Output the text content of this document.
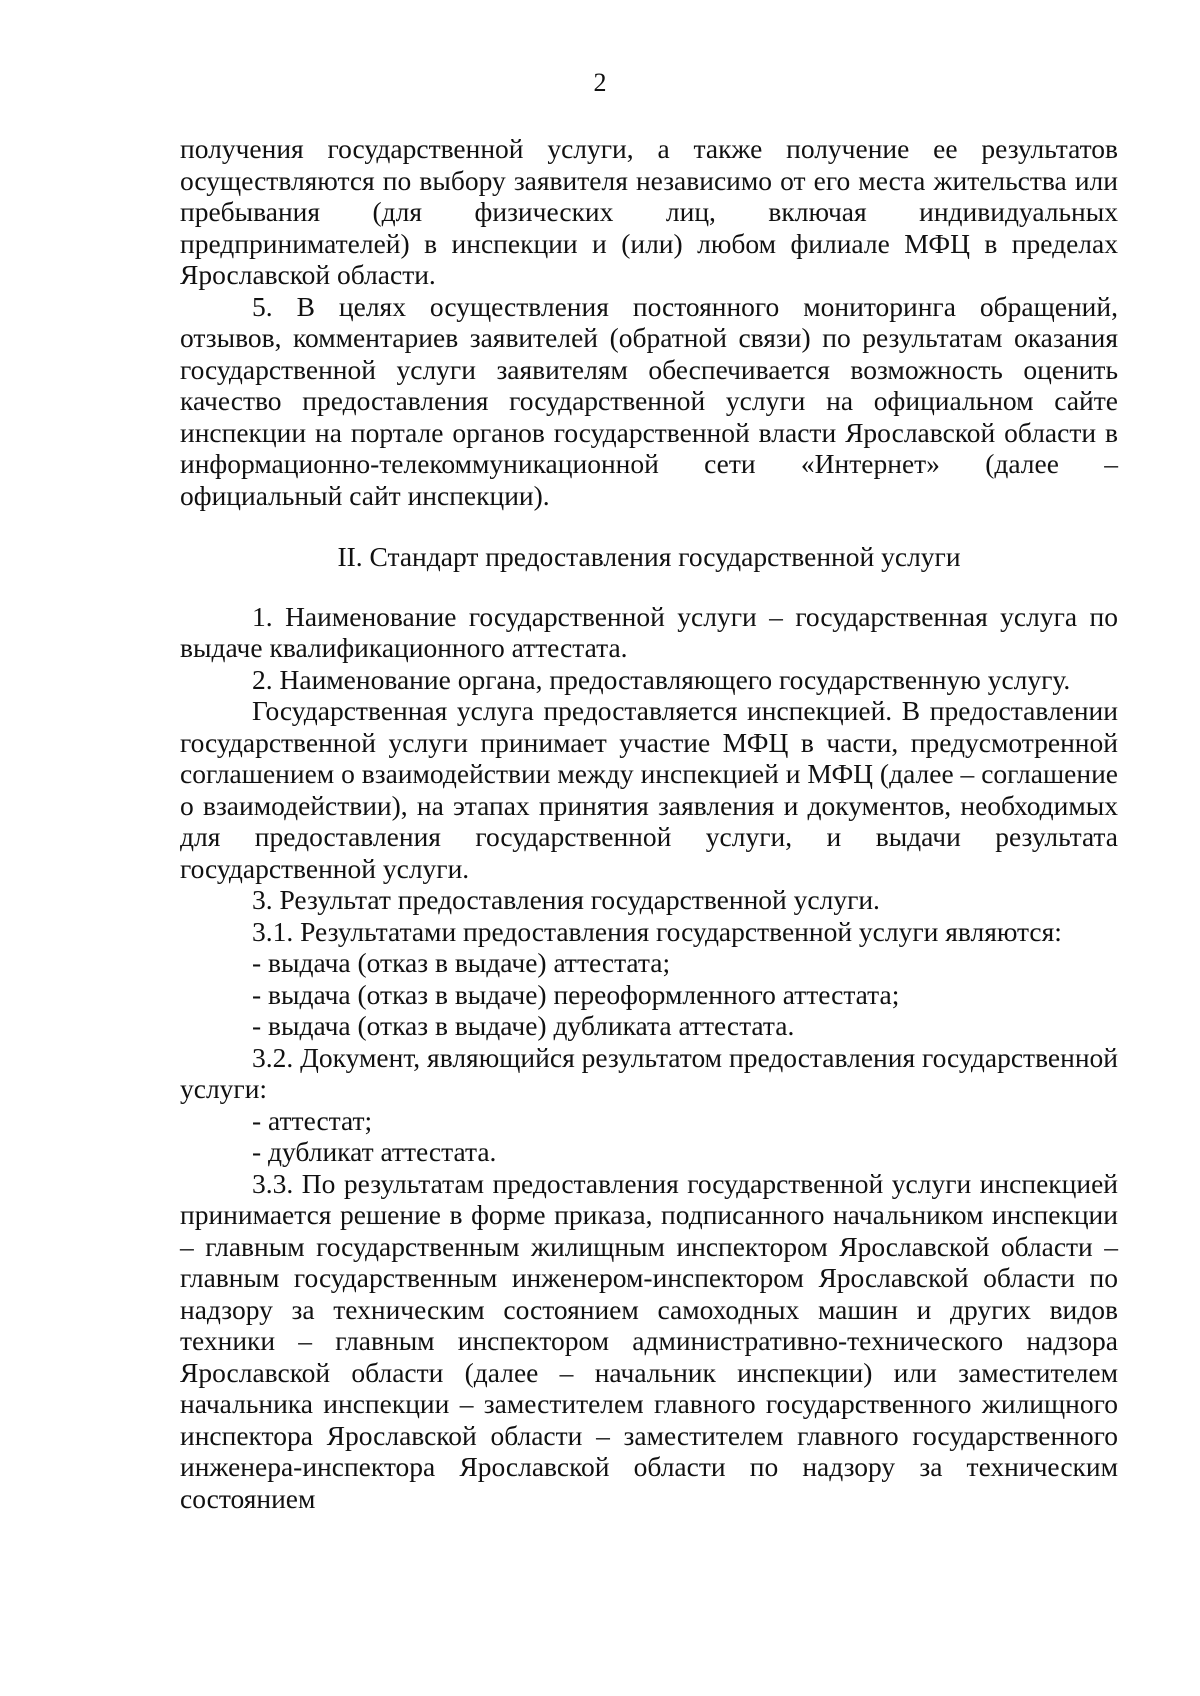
2

получения государственной услуги, а также получение ее результатов осуществляются по выбору заявителя независимо от его места жительства или пребывания (для физических лиц, включая индивидуальных предпринимателей) в инспекции и (или) любом филиале МФЦ в пределах Ярославской области.

5. В целях осуществления постоянного мониторинга обращений, отзывов, комментариев заявителей (обратной связи) по результатам оказания государственной услуги заявителям обеспечивается возможность оценить качество предоставления государственной услуги на официальном сайте инспекции на портале органов государственной власти Ярославской области в информационно-телекоммуникационной сети «Интернет» (далее – официальный сайт инспекции).

II. Стандарт предоставления государственной услуги

1. Наименование государственной услуги – государственная услуга по выдаче квалификационного аттестата.

2. Наименование органа, предоставляющего государственную услугу.

Государственная услуга предоставляется инспекцией. В предоставлении государственной услуги принимает участие МФЦ в части, предусмотренной соглашением о взаимодействии между инспекцией и МФЦ (далее – соглашение о взаимодействии), на этапах принятия заявления и документов, необходимых для предоставления государственной услуги, и выдачи результата государственной услуги.

3. Результат предоставления государственной услуги.

3.1. Результатами предоставления государственной услуги являются:

- выдача (отказ в выдаче) аттестата;

- выдача (отказ в выдаче) переоформленного аттестата;

- выдача (отказ в выдаче) дубликата аттестата.

3.2. Документ, являющийся результатом предоставления государственной услуги:

- аттестат;

- дубликат аттестата.

3.3. По результатам предоставления государственной услуги инспекцией принимается решение в форме приказа, подписанного начальником инспекции – главным государственным жилищным инспектором Ярославской области – главным государственным инженером-инспектором Ярославской области по надзору за техническим состоянием самоходных машин и других видов техники – главным инспектором административно-технического надзора Ярославской области (далее – начальник инспекции) или заместителем начальника инспекции – заместителем главного государственного жилищного инспектора Ярославской области – заместителем главного государственного инженера-инспектора Ярославской области по надзору за техническим состоянием
